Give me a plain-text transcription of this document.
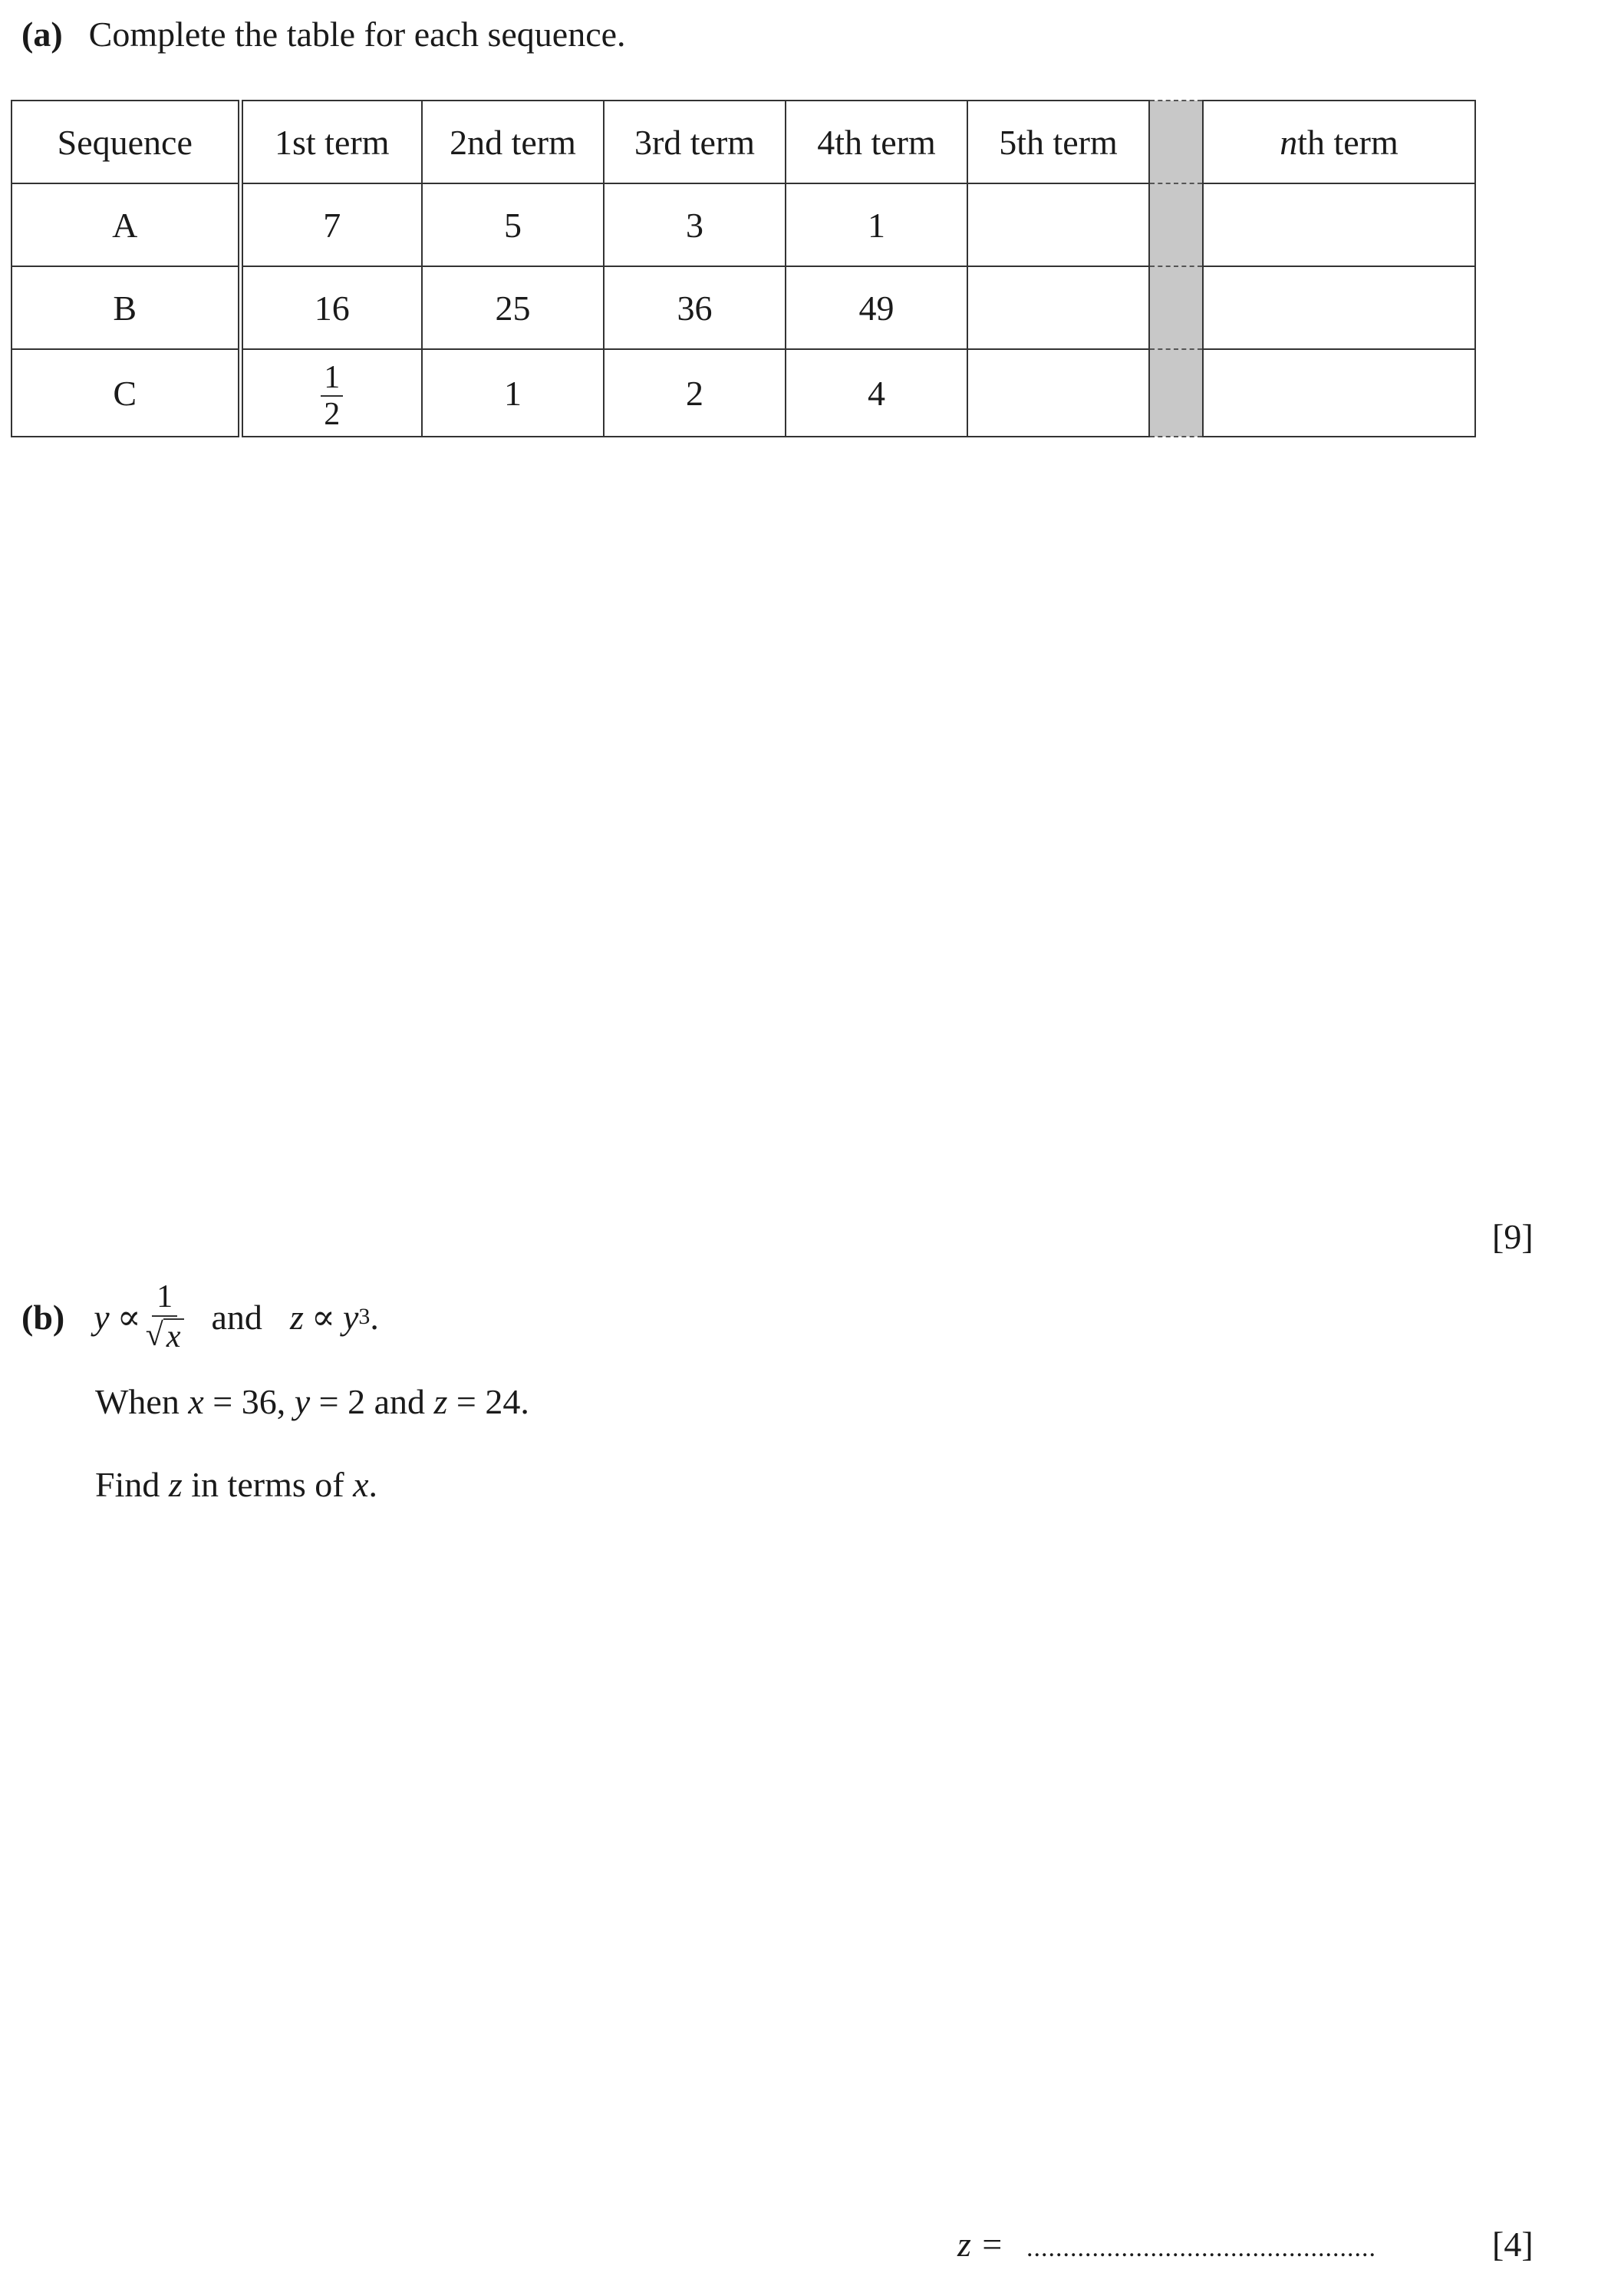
(a) Complete the table for each sequence.
Sequence	1st term	2nd term	3rd term	4th term	5th term		nth term
A	7	5	3	1			
B	16	25	36	49			
C	$\frac{1}{2}$	1	2	4			
[9]
(b) $y \propto \frac{1}{√ x}$ and z ∝ y 3 .
When x = 36, y = 2 and z = 24.
Find z in terms of x.
z = ................................................	[4]
